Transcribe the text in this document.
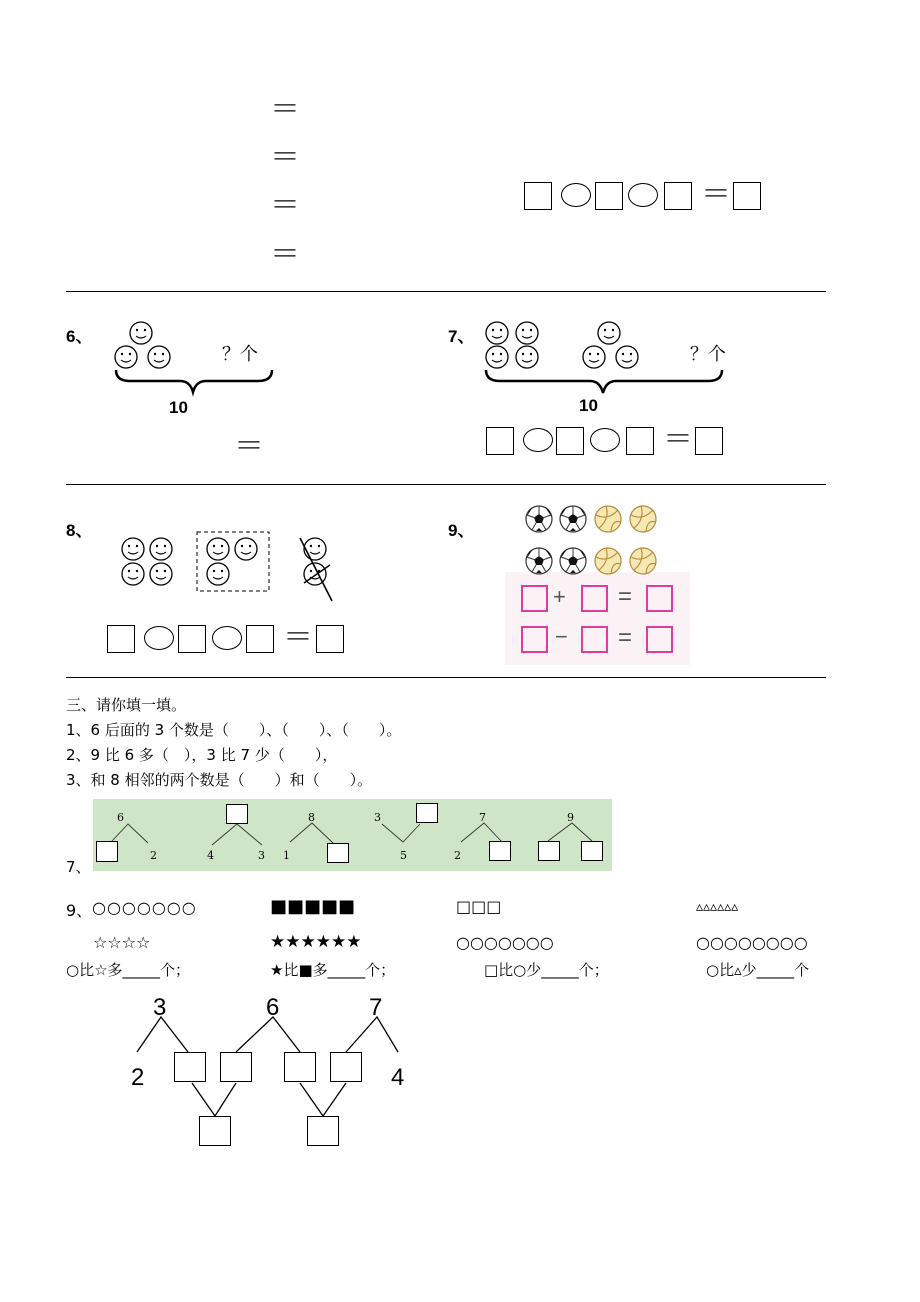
＝
＝
＝
＝
＝
6、
？个
10
＝
7、
？个
10
＝
8、
＝
9、
+ =
− =
三、请你填一填。
1、6 后面的 3 个数是（　　）、（　　）、（　　）。
2、9 比 6 多（　），3 比 7 少（　　），
3、和 8 相邻的两个数是（　　）和（　　）。
7、
6
2	4	3
8
1
3
5
7
2
9
9、 ○○○○○○○	■■■■■	□□□	▵▵▵▵▵▵
☆☆☆☆	★★★★★★	○○○○○○○	○○○○○○○○
○比☆多_____个；	★比■多_____个；	□比○少_____个；	○比▵少_____个
3	6	7
2	4
